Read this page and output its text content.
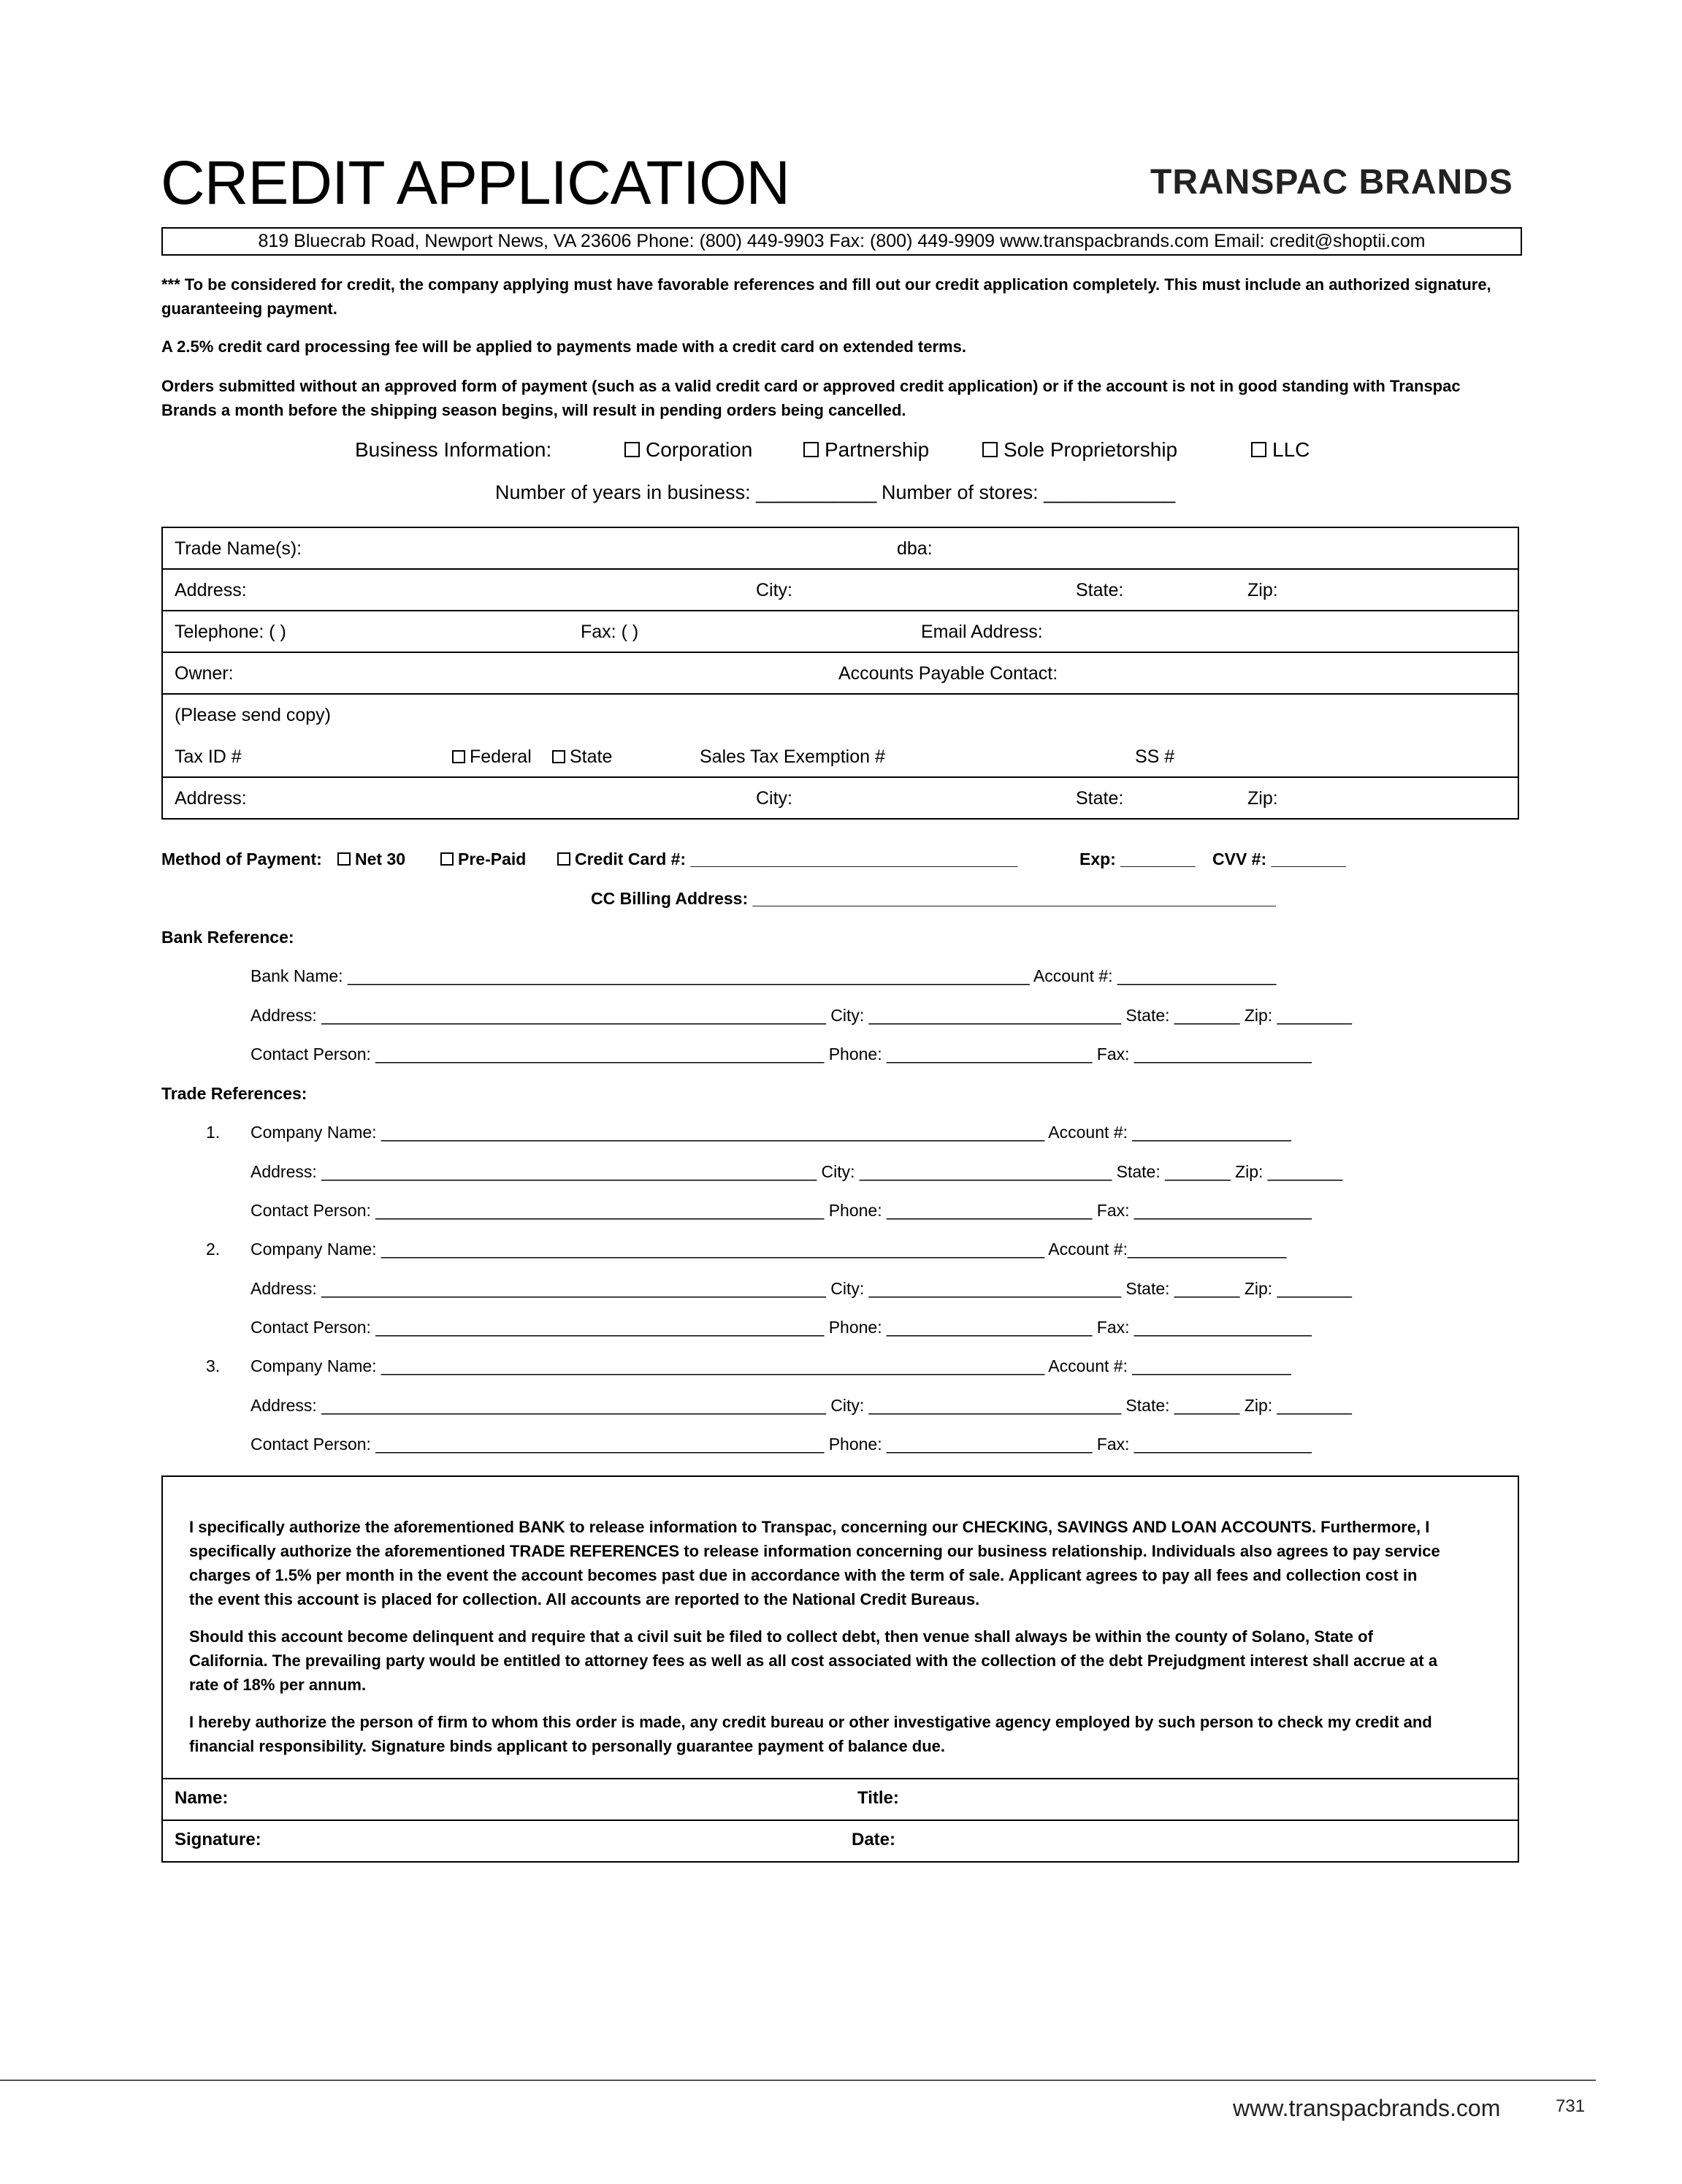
CREDIT APPLICATION	TRANSPAC BRANDS
819 Bluecrab Road, Newport News, VA 23606 Phone: (800) 449-9903 Fax: (800) 449-9909 www.transpacbrands.com Email: credit@shoptii.com
*** To be considered for credit, the company applying must have favorable references and fill out our credit application completely. This must include an authorized signature, guaranteeing payment.
A 2.5% credit card processing fee will be applied to payments made with a credit card on extended terms.
Orders submitted without an approved form of payment (such as a valid credit card or approved credit application) or if the account is not in good standing with Transpac Brands a month before the shipping season begins, will result in pending orders being cancelled.
Business Information:	Corporation	Partnership	Sole Proprietorship	LLC
Number of years in business: ___________ Number of stores: ____________
Trade Name(s):	dba:
Address:	City:	State:	Zip:
Telephone: ( )	Fax: ( )	Email Address:
Owner:	Accounts Payable Contact:
(Please send copy)
Tax ID #	Federal	State	Sales Tax Exemption #	SS #
Address:	City:	State:	Zip:
Method of Payment:	Net 30	Pre-Paid	Credit Card #: ___________________________________	Exp: ________ CVV #: ________
CC Billing Address: ________________________________________________________
Bank Reference:
Bank Name: _________________________________________________________________________ Account #: _________________
Address: ______________________________________________________ City: ___________________________ State: _______ Zip: ________
Contact Person: ________________________________________________ Phone: ______________________ Fax: ___________________
Trade References:
1. Company Name: _______________________________________________________________________ Account #: _________________
Address: _____________________________________________________ City: ___________________________ State: _______ Zip: ________
Contact Person: ________________________________________________ Phone: ______________________ Fax: ___________________
2. Company Name: _______________________________________________________________________ Account #:_________________
Address: ______________________________________________________ City: ___________________________ State: _______ Zip: ________
Contact Person: ________________________________________________ Phone: ______________________ Fax: ___________________
3. Company Name: _______________________________________________________________________ Account #: _________________
Address: ______________________________________________________ City: ___________________________ State: _______ Zip: ________
Contact Person: ________________________________________________ Phone: ______________________ Fax: ___________________

I specifically authorize the aforementioned BANK to release information to Transpac, concerning our CHECKING, SAVINGS AND LOAN ACCOUNTS. Furthermore, I specifically authorize the aforementioned TRADE REFERENCES to release information concerning our business relationship. Individuals also agrees to pay service charges of 1.5% per month in the event the account becomes past due in accordance with the term of sale. Applicant agrees to pay all fees and collection cost in the event this account is placed for collection. All accounts are reported to the National Credit Bureaus.

Should this account become delinquent and require that a civil suit be filed to collect debt, then venue shall always be within the county of Solano, State of California. The prevailing party would be entitled to attorney fees as well as all cost associated with the collection of the debt Prejudgment interest shall accrue at a rate of 18% per annum.

I hereby authorize the person of firm to whom this order is made, any credit bureau or other investigative agency employed by such person to check my credit and financial responsibility. Signature binds applicant to personally guarantee payment of balance due.

Name:	Title:
Signature:	Date:
www.transpacbrands.com	731
